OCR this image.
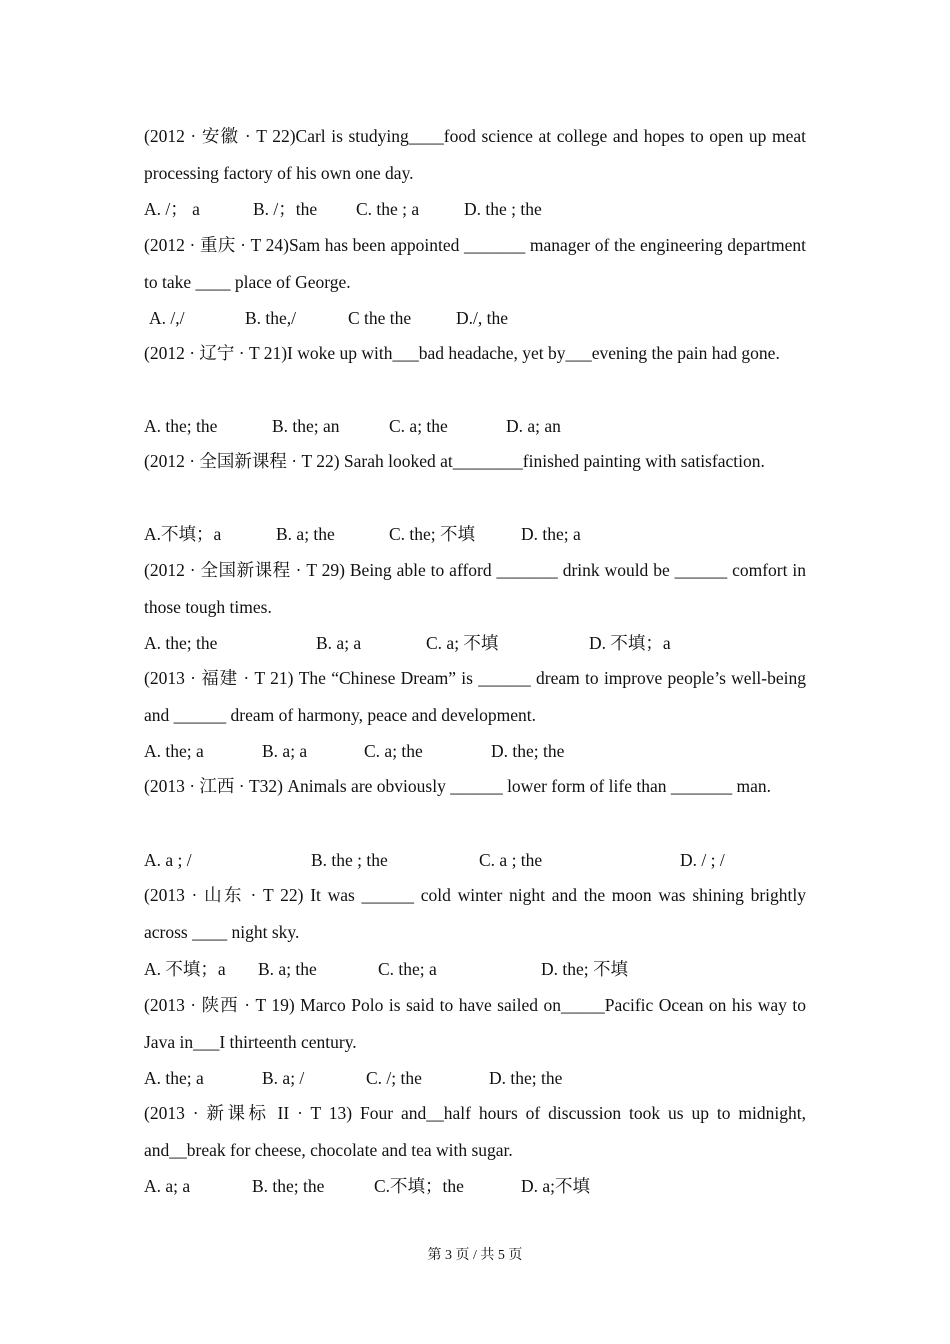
(2012 · 安徽 · T 22)Carl is studying____food science at college and hopes to open up meat processing factory of his own one day.
A. /； a	B. /；the C. the ; a	D. the ; the
(2012 · 重庆 · T 24)Sam has been appointed _______ manager of the engineering department to take ____ place of George.
A. /,/	B. the,/	C the the	D./, the
(2012 · 辽宁 · T 21)I woke up with___bad headache, yet by___evening the pain had gone.
A. the; the	B. the; an	C. a; the	D. a; an
(2012 · 全国新课程 · T 22) Sarah looked at________finished painting with satisfaction.
A.不填；a	B. a; the	C. the; 不填	D. the; a
(2012 · 全国新课程 · T 29) Being able to afford _______ drink would be ______ comfort in those tough times.
A. the; the	B. a; a	C. a; 不填	D. 不填；a
(2013 · 福建 · T 21) The “Chinese Dream” is ______ dream to improve people’s well-being and ______ dream of harmony, peace and development.
A. the; a	B. a; a	C. a; the	D. the; the
(2013 · 江西 · T32) Animals are obviously ______ lower form of life than _______ man.
A. a ; /	B. the ; the	C. a ; the	D. / ; /
(2013 · 山东 · T 22) It was ______ cold winter night and the moon was shining brightly across ____ night sky.
A. 不填；a B. a; the	C. the; a	D. the; 不填
(2013 · 陕西 · T 19) Marco Polo is said to have sailed on_____Pacific Ocean on his way to Java in___I thirteenth century.
A. the; a	B. a; /	C. /; the	D. the; the
(2013 · 新课标 II · T 13) Four and__half hours of discussion took us up to midnight, and__break for cheese, chocolate and tea with sugar.
A. a; a	B. the; the	C.不填；the	D. a;不填
第 3 页 / 共 5 页
